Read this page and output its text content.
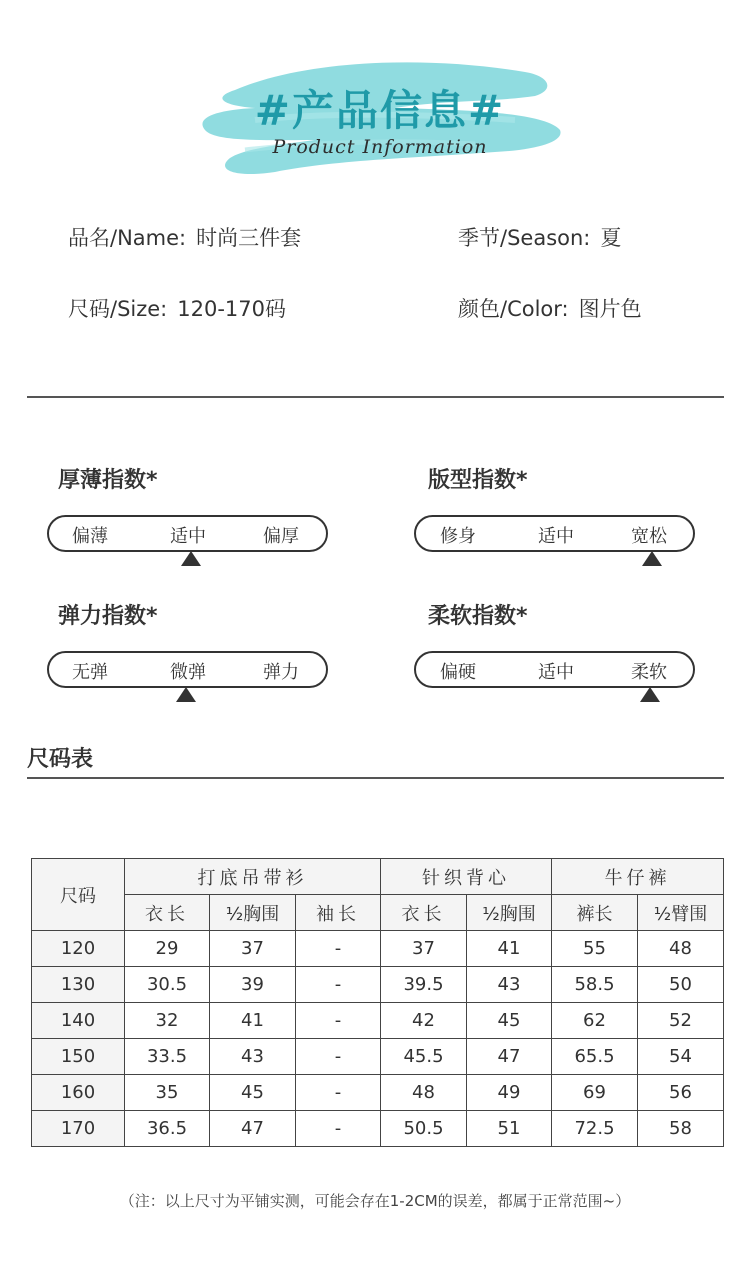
#产品信息#
Product Information
品名/Name: 时尚三件套	季节/Season: 夏
尺码/Size: 120-170码	颜色/Color: 图片色
厚薄指数*
偏薄	适中	偏厚
版型指数*
修身	适中	宽松
弹力指数*
无弹	微弹	弹力
柔软指数*
偏硬	适中	柔软
尺码表
尺码	打底吊带衫			针织背心		牛仔裤	
	衣长	½胸围	袖长	衣长	½胸围	裤长	½臂围
120	29	37	-	37	41	55	48
130	30.5	39	-	39.5	43	58.5	50
140	32	41	-	42	45	62	52
150	33.5	43	-	45.5	47	65.5	54
160	35	45	-	48	49	69	56
170	36.5	47	-	50.5	51	72.5	58
（注：以上尺寸为平铺实测，可能会存在1-2CM的误差，都属于正常范围~）
